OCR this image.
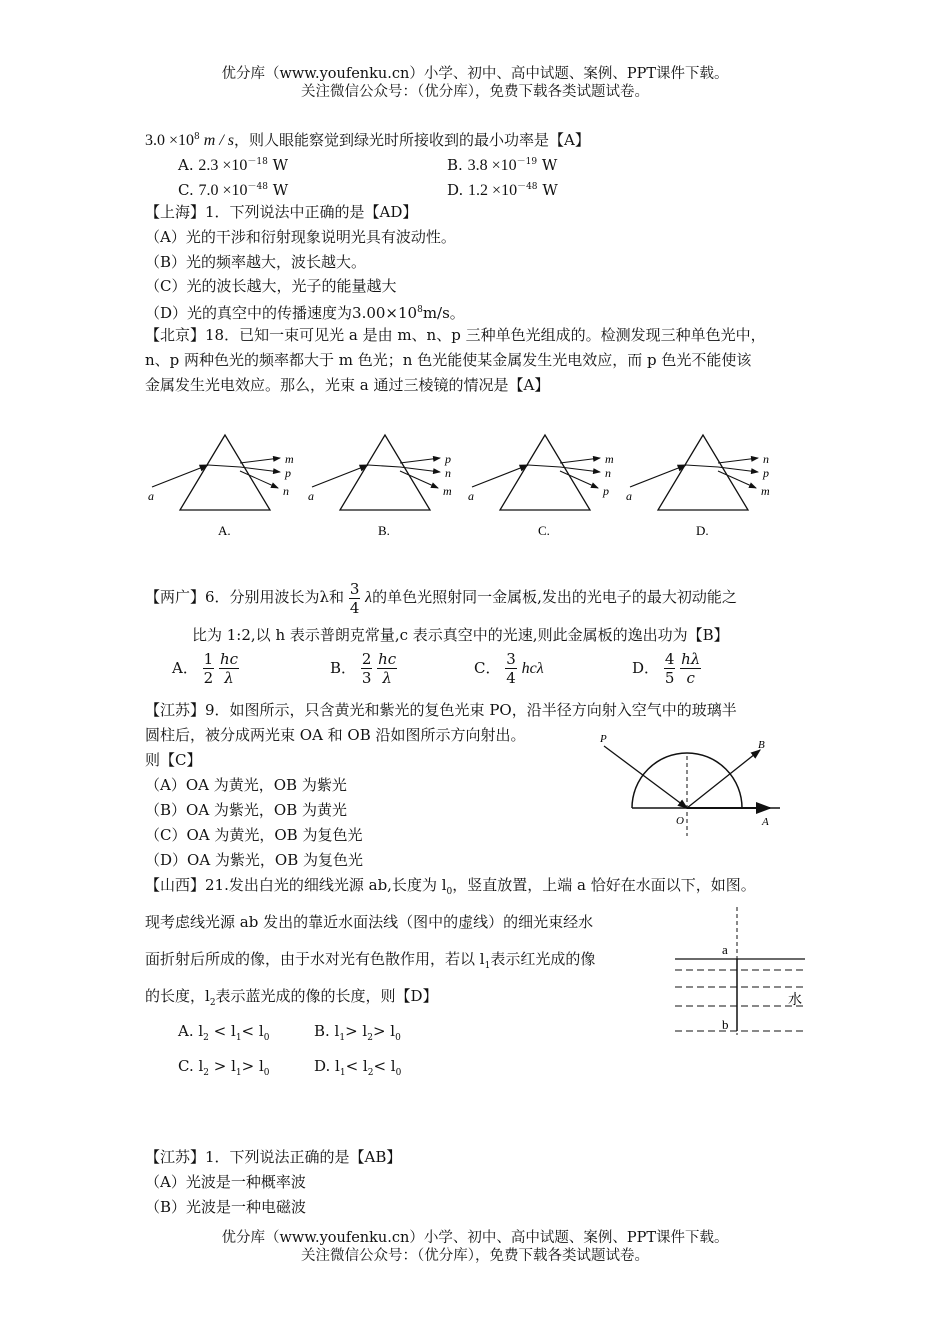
优分库（www.youfenku.cn）小学、初中、高中试题、案例、PPT课件下载。
关注微信公众号：（优分库），免费下载各类试题试卷。
$3.0 \times 10^8$ m / s，则人眼能察觉到绿光时所接收到的最小功率是【A】
A. $2.3 \times 10^{-18}$ W	B. $3.8 \times 10^{-19}$ W
C. $7.0 \times 10^{-48}$ W	D. $1.2 \times 10^{-48}$ W
【上海】1．下列说法中正确的是【AD】
（A）光的干涉和衍射现象说明光具有波动性。
（B）光的频率越大，波长越大。
（C）光的波长越大，光子的能量越大
（D）光的真空中的传播速度为$3.00\times 10^8m/s$。
【北京】18．已知一束可见光 a 是由 m、n、p 三种单色光组成的。检测发现三种单色光中，
n、p 两种色光的频率都大于 m 色光；n 色光能使某金属发生光电效应，而 p 色光不能使该
金属发生光电效应。那么，光束 a 通过三棱镜的情况是【A】
a
m
p
n
A.
a
p
n
m
B.
a
m
n
p
C.
a
n
p
m
D.
【两广】6．分别用波长为λ和 $\frac{3}{4}$ λ的单色光照射同一金属板,发出的光电子的最大初动能之
比为 1:2,以 h 表示普朗克常量,c 表示真空中的光速,则此金属板的逸出功为【B】
A． $\frac{1}{2}$
$\frac{hc}{\lambda}$	B． $\frac{2}{3}$
$\frac{hc}{\lambda}$	C． $\frac{3}{4}$ hcλ	D． $\frac{4}{5}$
$\frac{h\lambda}{c}$
【江苏】9．如图所示，只含黄光和紫光的复色光束 PO，沿半径方向射入空气中的玻璃半
圆柱后，被分成两光束 OA 和 OB 沿如图所示方向射出。
则【C】
（A）OA 为黄光，OB 为紫光
（B）OA 为紫光，OB 为黄光
（C）OA 为黄光，OB 为复色光
（D）OA 为紫光，OB 为复色光
P	B
O	A
【山西】21.发出白光的细线光源 ab,长度为 $l_0$，竖直放置，上端 a 恰好在水面以下，如图。
现考虑线光源 ab 发出的靠近水面法线（图中的虚线）的细光束经水
面折射后所成的像，由于水对光有色散作用，若以 $l_1$表示红光成的像
的长度，$l_2$表示蓝光成的像的长度，则【D】
A. $l_2 < l_1< l_0$	B. $l_1> l_2> l_0$
C. $l_2 > l_1> l_0$	D. $l_1< l_2< l_0$
a
b
水
【江苏】1．下列说法正确的是【AB】
（A）光波是一种概率波
（B）光波是一种电磁波
优分库（www.youfenku.cn）小学、初中、高中试题、案例、PPT课件下载。
关注微信公众号：（优分库），免费下载各类试题试卷。
